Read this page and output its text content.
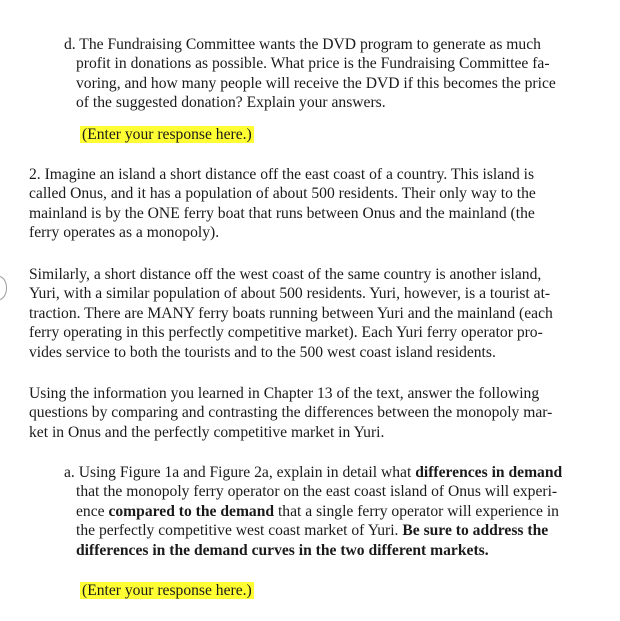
d. The Fundraising Committee wants the DVD program to generate as much
profit in donations as possible. What price is the Fundraising Committee fa-
voring, and how many people will receive the DVD if this becomes the price
of the suggested donation? Explain your answers.
(Enter your response here.)
2. Imagine an island a short distance off the east coast of a country. This island is
called Onus, and it has a population of about 500 residents. Their only way to the
mainland is by the ONE ferry boat that runs between Onus and the mainland (the
ferry operates as a monopoly).
Similarly, a short distance off the west coast of the same country is another island,
Yuri, with a similar population of about 500 residents. Yuri, however, is a tourist at-
traction. There are MANY ferry boats running between Yuri and the mainland (each
ferry operating in this perfectly competitive market). Each Yuri ferry operator pro-
vides service to both the tourists and to the 500 west coast island residents.
Using the information you learned in Chapter 13 of the text, answer the following
questions by comparing and contrasting the differences between the monopoly mar-
ket in Onus and the perfectly competitive market in Yuri.
a. Using Figure 1a and Figure 2a, explain in detail what differences in demand
that the monopoly ferry operator on the east coast island of Onus will experi-
ence compared to the demand that a single ferry operator will experience in
the perfectly competitive west coast market of Yuri. Be sure to address the
differences in the demand curves in the two different markets.
(Enter your response here.)
